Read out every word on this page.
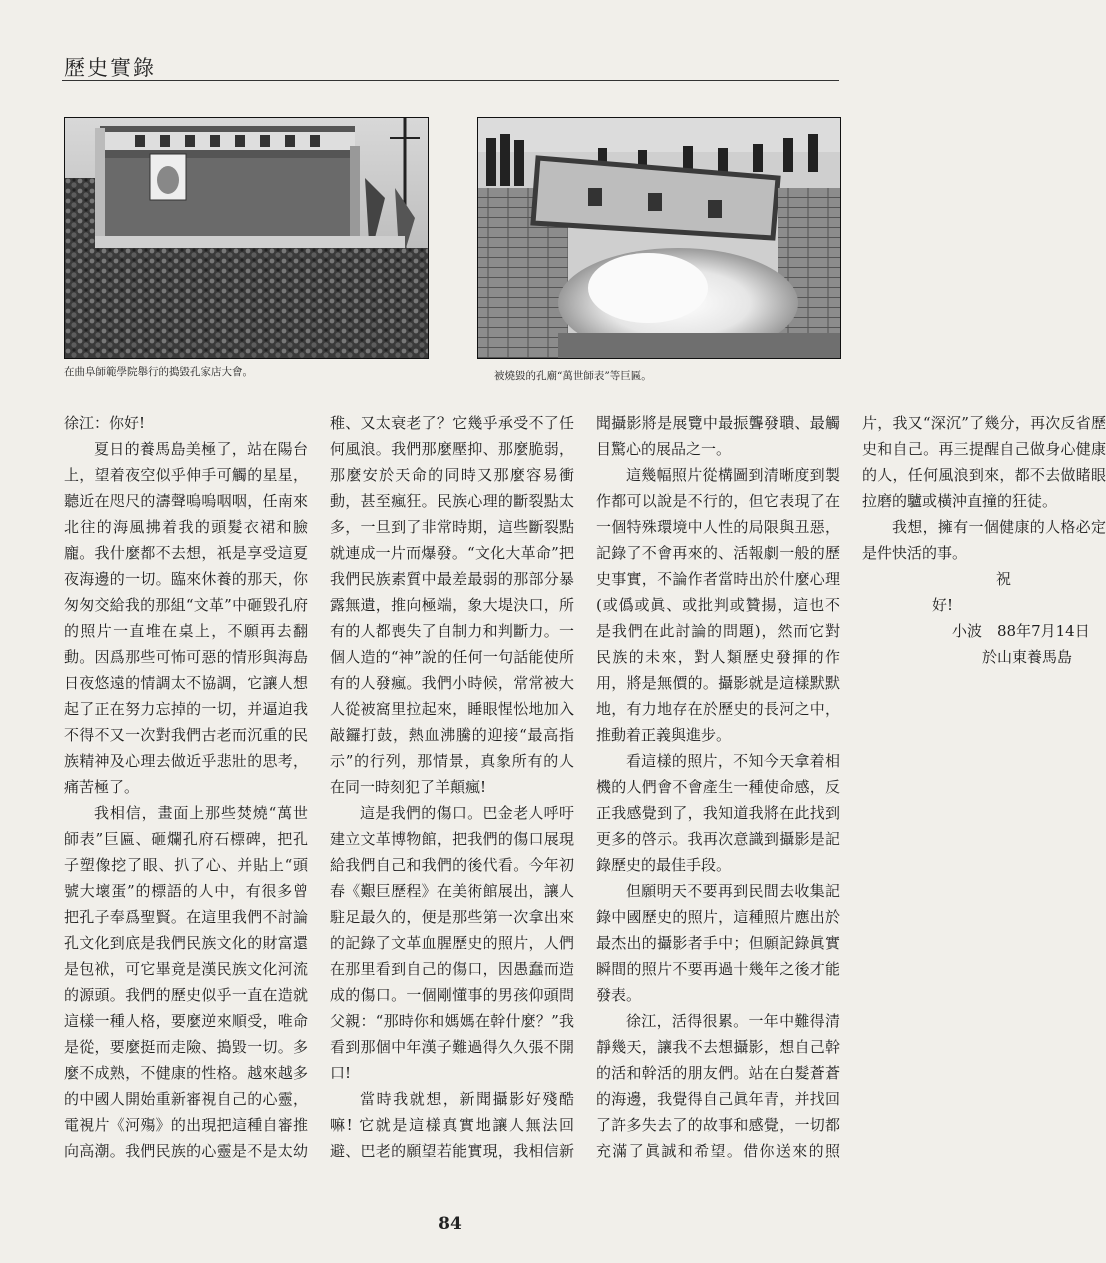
歷史實錄
在曲阜師範學院舉行的搗毀孔家店大會。	被燒毀的孔廟“萬世師表”等巨匾。

徐江：你好!

夏日的養馬島美極了，站在陽台上，望着夜空似乎伸手可觸的星星，聽近在咫尺的濤聲嗚嗚咽咽，任南來北往的海風拂着我的頭髮衣裙和臉龐。我什麼都不去想，祇是享受這夏夜海邊的一切。臨來休養的那天，你匆匆交給我的那組“文革”中砸毀孔府的照片一直堆在桌上，不願再去翻動。因爲那些可怖可惡的情形與海島日夜悠遠的情調太不協調，它讓人想起了正在努力忘掉的一切，并逼迫我不得不又一次對我們古老而沉重的民族精神及心理去做近乎悲壯的思考，痛苦極了。

我相信，畫面上那些焚燒“萬世師表”巨匾、砸爛孔府石標碑，把孔子塑像挖了眼、扒了心、并貼上“頭號大壞蛋”的標語的人中，有很多曾把孔子奉爲聖賢。在這里我們不討論孔文化到底是我們民族文化的財富還是包袱，可它畢竟是漢民族文化河流的源頭。我們的歷史似乎一直在造就這樣一種人格，要麼逆來順受，唯命是從，要麼挺而走險、搗毀一切。多麼不成熟，不健康的性格。越來越多的中國人開始重新審視自己的心靈，電視片《河殤》的出現把這種自審推向高潮。我們民族的心靈是不是太幼稚、又太衰老了？它幾乎承受不了任何風浪。我們那麼壓抑、那麼脆弱，那麼安於天命的同時又那麼容易衝動，甚至瘋狂。民族心理的斷裂點太多，一旦到了非常時期，這些斷裂點就連成一片而爆發。“文化大革命”把我們民族素質中最差最弱的那部分暴露無遺，推向極端，象大堤決口，所有的人都喪失了自制力和判斷力。一個人造的“神”說的任何一句話能使所有的人發瘋。我們小時候，常常被大人從被窩里拉起來，睡眼惺忪地加入敲鑼打鼓，熱血沸騰的迎接“最高指示”的行列，那情景，真象所有的人在同一時刻犯了羊顛瘋!

這是我們的傷口。巴金老人呼吁建立文革博物館，把我們的傷口展現給我們自己和我們的後代看。今年初春《艱巨歷程》在美術館展出，讓人駐足最久的，便是那些第一次拿出來的記錄了文革血腥歷史的照片，人們在那里看到自己的傷口，因愚蠢而造成的傷口。一個剛懂事的男孩仰頭問父親：“那時你和媽媽在幹什麼？”我看到那個中年漢子難過得久久張不開口!

當時我就想，新聞攝影好殘酷嘛! 它就是這樣真實地讓人無法回避、巴老的願望若能實現，我相信新聞攝影將是展覽中最振聾發聵、最觸目驚心的展品之一。

這幾幅照片從構圖到清晰度到製作都可以說是不行的，但它表現了在一個特殊環境中人性的局限與丑惡，記錄了不會再來的、活報劇一般的歷史事實，不論作者當時出於什麼心理(或僞或眞、或批判或贊揚，這也不是我們在此討論的問題)，然而它對民族的未來，對人類歷史發揮的作用，將是無價的。攝影就是這樣默默地，有力地存在於歷史的長河之中，推動着正義與進步。

看這樣的照片，不知今天拿着相機的人們會不會產生一種使命感，反正我感覺到了，我知道我將在此找到更多的啓示。我再次意識到攝影是記錄歷史的最佳手段。

但願明天不要再到民間去收集記錄中國歷史的照片，這種照片應出於最杰出的攝影者手中；但願記錄眞實瞬間的照片不要再過十幾年之後才能發表。

徐江，活得很累。一年中難得清靜幾天，讓我不去想攝影，想自己幹的活和幹活的朋友們。站在白髮蒼蒼的海邊，我覺得自己眞年青，并找回了許多失去了的故事和感覺，一切都充滿了眞誠和希望。借你送來的照片，我又“深沉”了幾分，再次反省歷史和自己。再三提醒自己做身心健康的人，任何風浪到來，都不去做睹眼拉磨的驢或橫沖直撞的狂徒。

我想，擁有一個健康的人格必定是件快活的事。

祝

好!

小波　88年7月14日

於山東養馬島

84
